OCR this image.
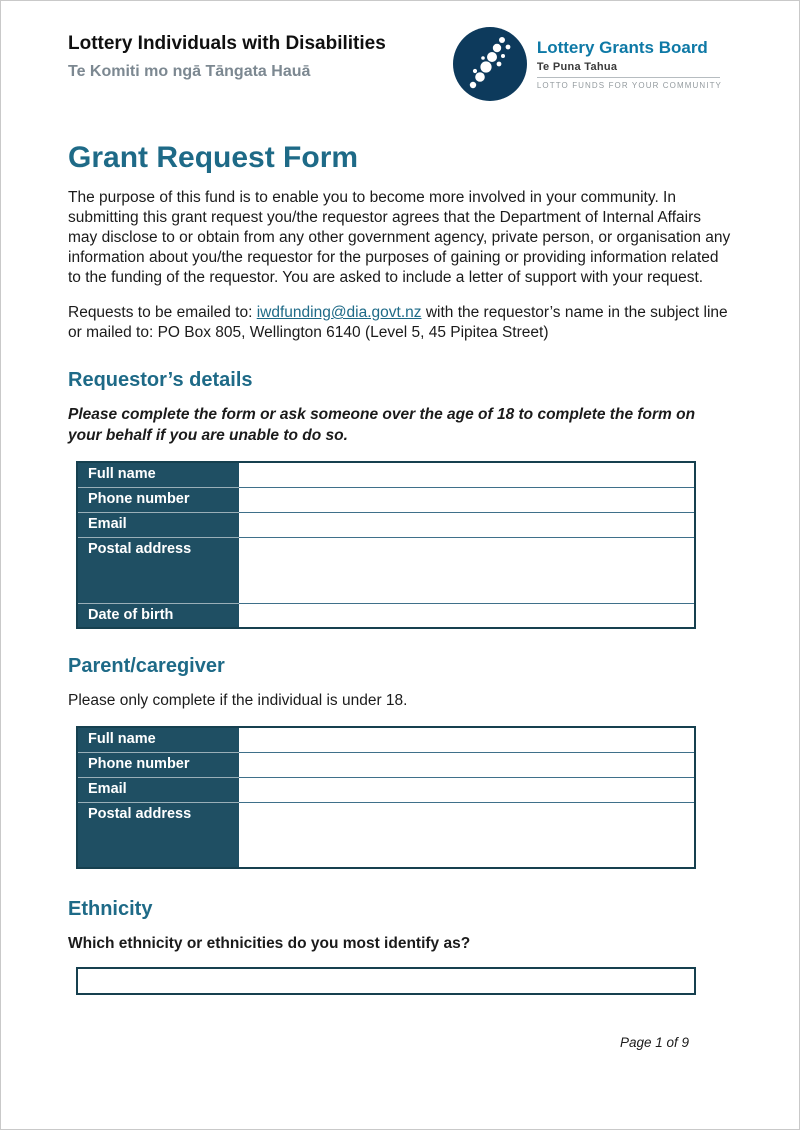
Lottery Individuals with Disabilities
Te Komiti mo ngā Tāngata Hauā
Lottery Grants Board
Te Puna Tahua
LOTTO FUNDS FOR YOUR COMMUNITY
Grant Request Form

The purpose of this fund is to enable you to become more involved in your community. In submitting this grant request you/the requestor agrees that the Department of Internal Affairs may disclose to or obtain from any other government agency, private person, or organisation any information about you/the requestor for the purposes of gaining or providing information related to the funding of the requestor. You are asked to include a letter of support with your request.

Requests to be emailed to: iwdfunding@dia.govt.nz with the requestor’s name in the subject line or mailed to: PO Box 805, Wellington 6140 (Level 5, 45 Pipitea Street)

Requestor’s details

Please complete the form or ask someone over the age of 18 to complete the form on your behalf if you are unable to do so.

Full name	
Phone number	
Email	
Postal address	
Date of birth	
Parent/caregiver

Please only complete if the individual is under 18.

Full name	
Phone number	
Email	
Postal address	
Ethnicity

Which ethnicity or ethnicities do you most identify as?

Page 1 of 9
